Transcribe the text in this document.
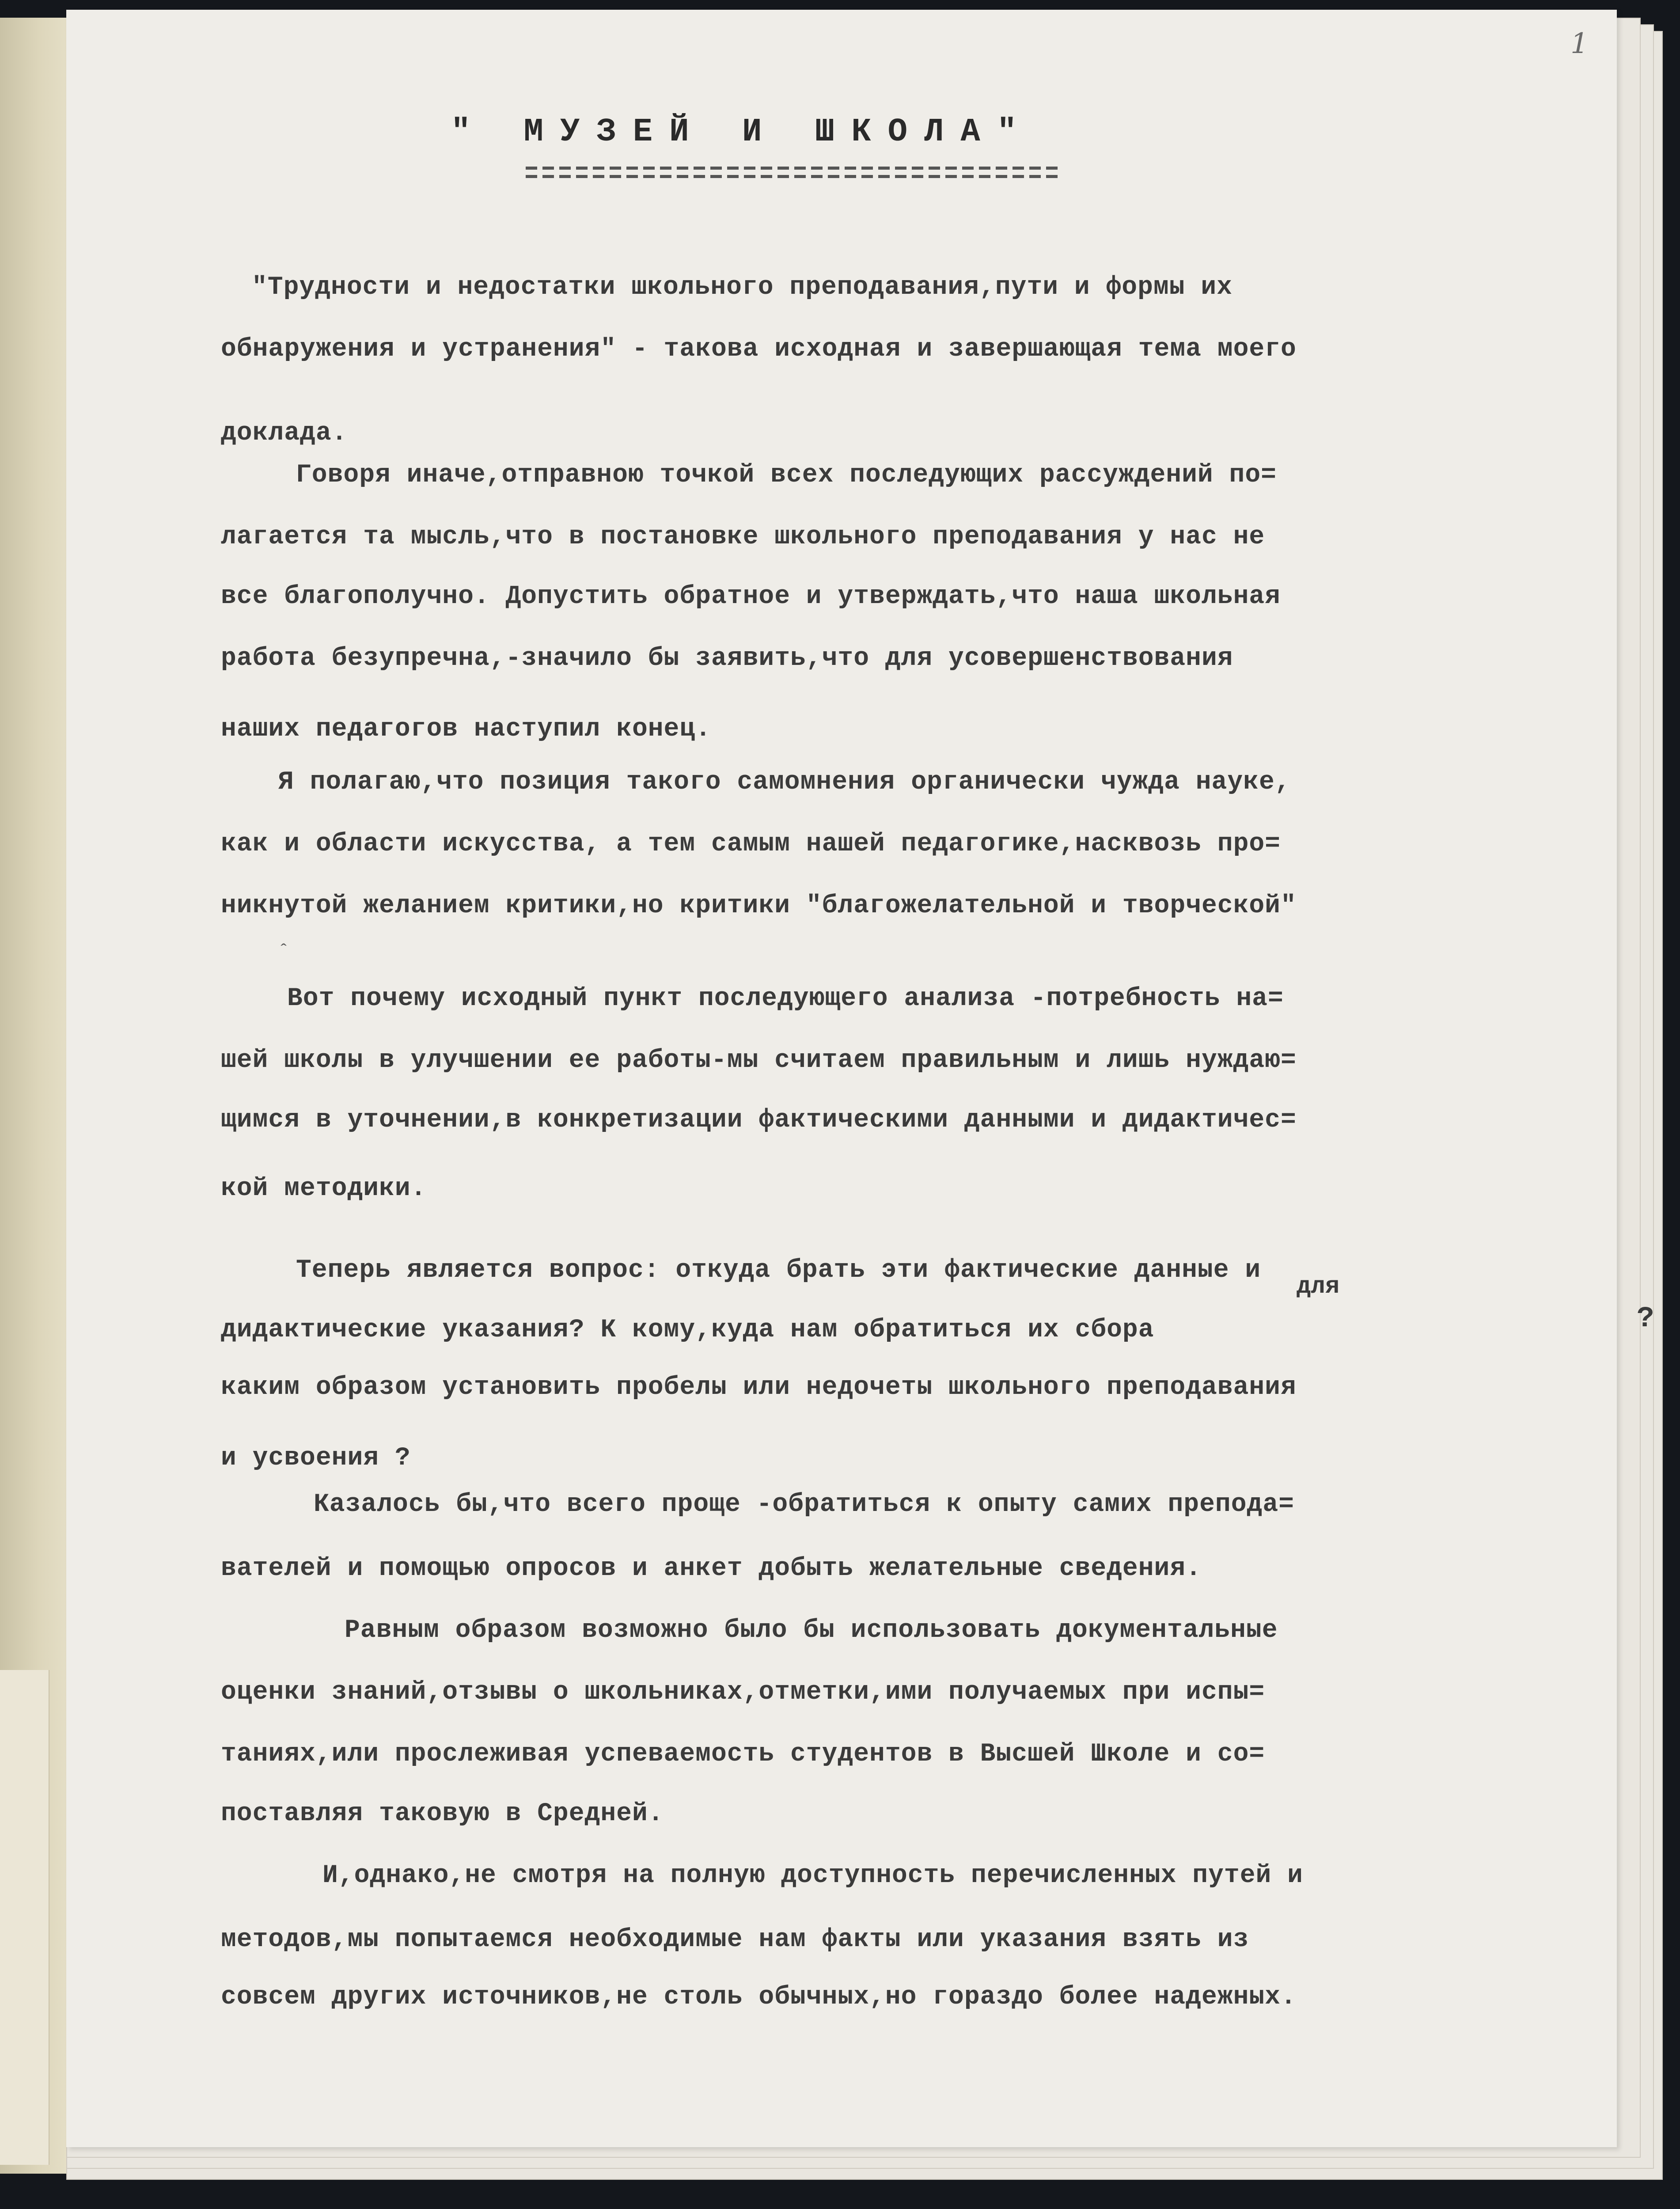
1
" МУЗЕЙ И ШКОЛА"
"Трудности и недостатки школьного преподавания,пути и формы их
обнаружения и устранения" - такова исходная и завершающая тема моего
доклада.
Говоря иначе,отправною точкой всех последующих рассуждений по=
лагается та мысль,что в постановке школьного преподавания у нас не
все благополучно. Допустить обратное и утверждать,что наша школьная
работа безупречна,-значило бы заявить,что для усовершенствования
наших педагогов наступил конец.
Я полагаю,что позиция такого самомнения органически чужда науке,
как и области искусства, а тем самым нашей педагогике,насквозь про=
никнутой желанием критики,но критики "благожелательной и творческой"
ˆ
Вот почему исходный пункт последующего анализа -потребность на=
шей школы в улучшении ее работы-мы считаем правильным и лишь нуждаю=
щимся в уточнении,в конкретизации фактическими данными и дидактичес=
кой методики.
Теперь является вопрос: откуда брать эти фактические данные и
для
дидактические указания? К кому,куда нам обратиться их сбора	?
каким образом установить пробелы или недочеты школьного преподавания
и усвоения ?
Казалось бы,что всего проще -обратиться к опыту самих препода=
вателей и помощью опросов и анкет добыть желательные сведения.
Равным образом возможно было бы использовать документальные
оценки знаний,отзывы о школьниках,отметки,ими получаемых при испы=
таниях,или прослеживая успеваемость студентов в Высшей Школе и со=
поставляя таковую в Средней.
И,однако,не смотря на полную доступность перечисленных путей и
методов,мы попытаемся необходимые нам факты или указания взять из
совсем других источников,не столь обычных,но гораздо более надежных.
